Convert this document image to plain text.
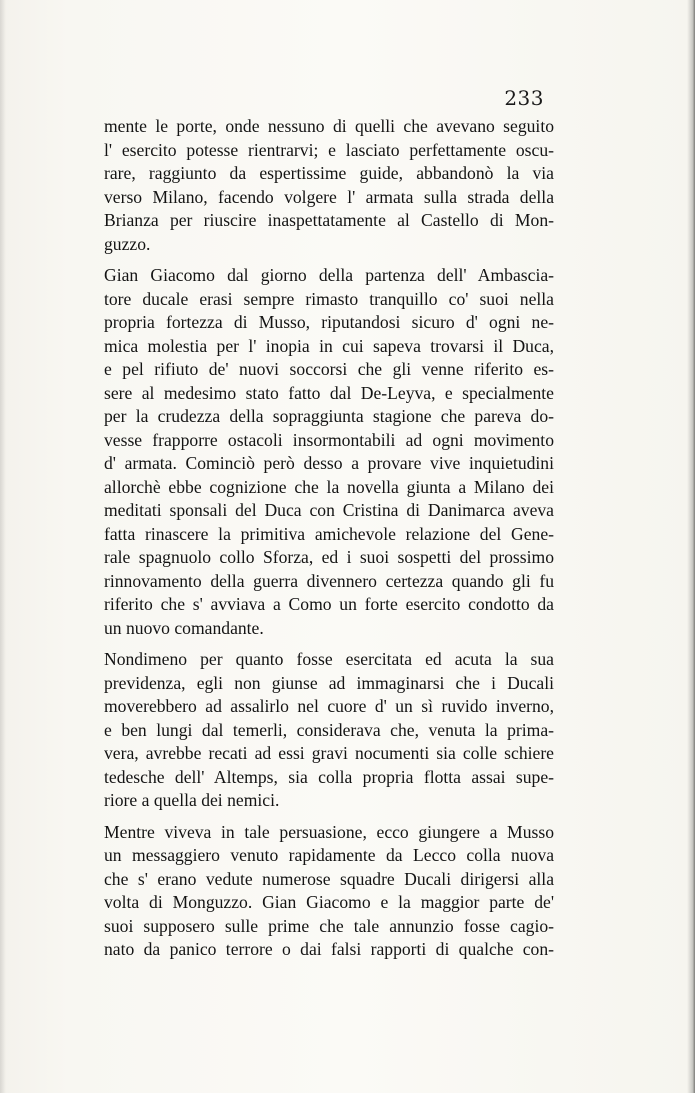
233
mente le porte, onde nessuno di quelli che avevano seguito
l' esercito potesse rientrarvi; e lasciato perfettamente oscu-
rare, raggiunto da espertissime guide, abbandonò la via
verso Milano, facendo volgere l' armata sulla strada della
Brianza per riuscire inaspettatamente al Castello di Mon-
guzzo.
Gian Giacomo dal giorno della partenza dell' Ambascia-
tore ducale erasi sempre rimasto tranquillo co' suoi nella
propria fortezza di Musso, riputandosi sicuro d' ogni ne-
mica molestia per l' inopia in cui sapeva trovarsi il Duca,
e pel rifiuto de' nuovi soccorsi che gli venne riferito es-
sere al medesimo stato fatto dal De-Leyva, e specialmente
per la crudezza della sopraggiunta stagione che pareva do-
vesse frapporre ostacoli insormontabili ad ogni movimento
d' armata. Cominciò però desso a provare vive inquietudini
allorchè ebbe cognizione che la novella giunta a Milano dei
meditati sponsali del Duca con Cristina di Danimarca aveva
fatta rinascere la primitiva amichevole relazione del Gene-
rale spagnuolo collo Sforza, ed i suoi sospetti del prossimo
rinnovamento della guerra divennero certezza quando gli fu
riferito che s' avviava a Como un forte esercito condotto da
un nuovo comandante.
Nondimeno per quanto fosse esercitata ed acuta la sua
previdenza, egli non giunse ad immaginarsi che i Ducali
moverebbero ad assalirlo nel cuore d' un sì ruvido inverno,
e ben lungi dal temerli, considerava che, venuta la prima-
vera, avrebbe recati ad essi gravi nocumenti sia colle schiere
tedesche dell' Altemps, sia colla propria flotta assai supe-
riore a quella dei nemici.
Mentre viveva in tale persuasione, ecco giungere a Musso
un messaggiero venuto rapidamente da Lecco colla nuova
che s' erano vedute numerose squadre Ducali dirigersi alla
volta di Monguzzo. Gian Giacomo e la maggior parte de'
suoi supposero sulle prime che tale annunzio fosse cagio-
nato da panico terrore o dai falsi rapporti di qualche con-
